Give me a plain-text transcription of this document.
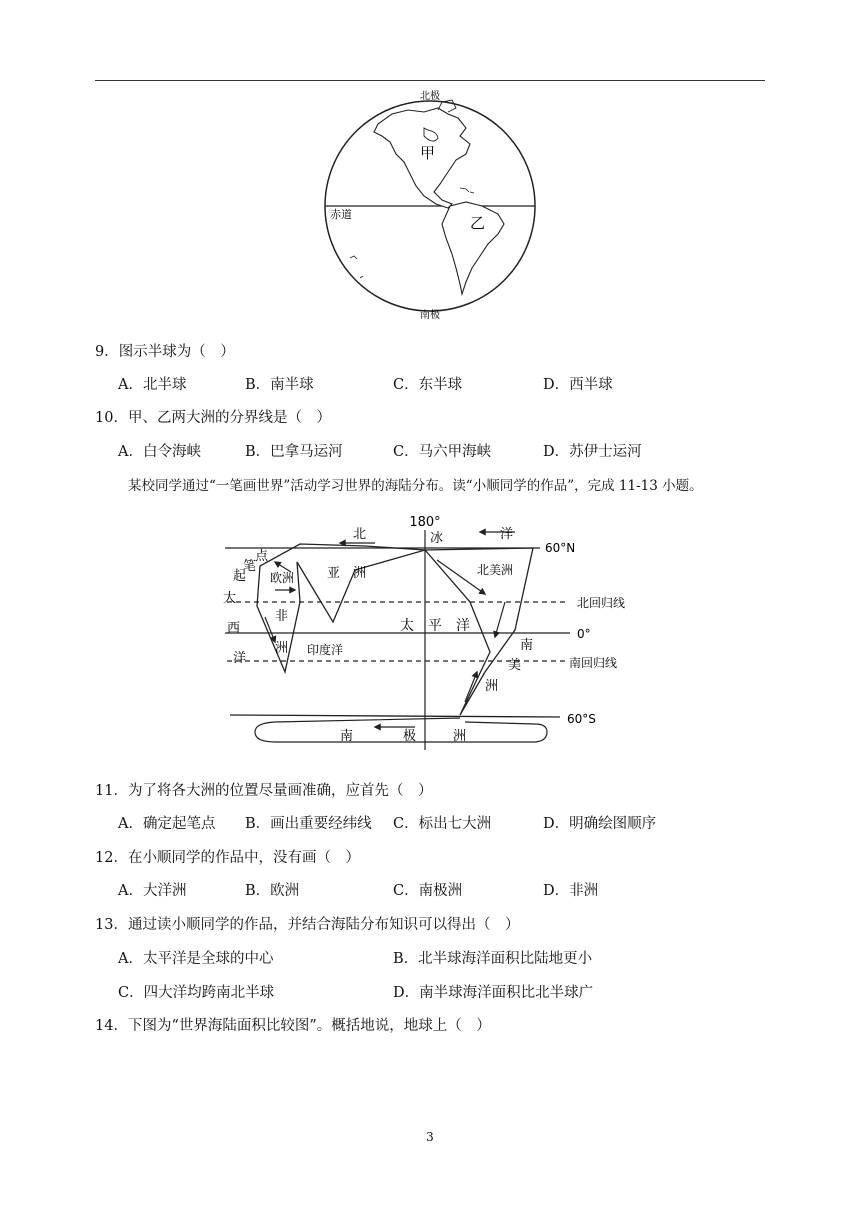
北极
南极
赤道
甲
乙
9．图示半球为（　）
A．北半球	B．南半球	C．东半球	D．西半球
10．甲、乙两大洲的分界线是（　）
A．白令海峡	B．巴拿马运河	C．马六甲海峡	D．苏伊士运河
某校同学通过“一笔画世界”活动学习世界的海陆分布。读“小顺同学的作品”，完成 11-13 小题。
180°
60°N
北回归线
0°
南回归线
60°S
北	冰	洋
大
西
洋
起
笔
点
欧洲	亚　洲	北美洲
非
洲 印度洋
太　平　洋
南
美
洲
南	极	洲
11．为了将各大洲的位置尽量画准确，应首先（　）
A．确定起笔点 B．画出重要经纬线 C．标出七大洲	D．明确绘图顺序
12．在小顺同学的作品中，没有画（　）
A．大洋洲	B．欧洲	C．南极洲	D．非洲
13．通过读小顺同学的作品，并结合海陆分布知识可以得出（　）
A．太平洋是全球的中心	B．北半球海洋面积比陆地更小
C．四大洋均跨南北半球	D．南半球海洋面积比北半球广
14．下图为“世界海陆面积比较图”。概括地说，地球上（　）
3
